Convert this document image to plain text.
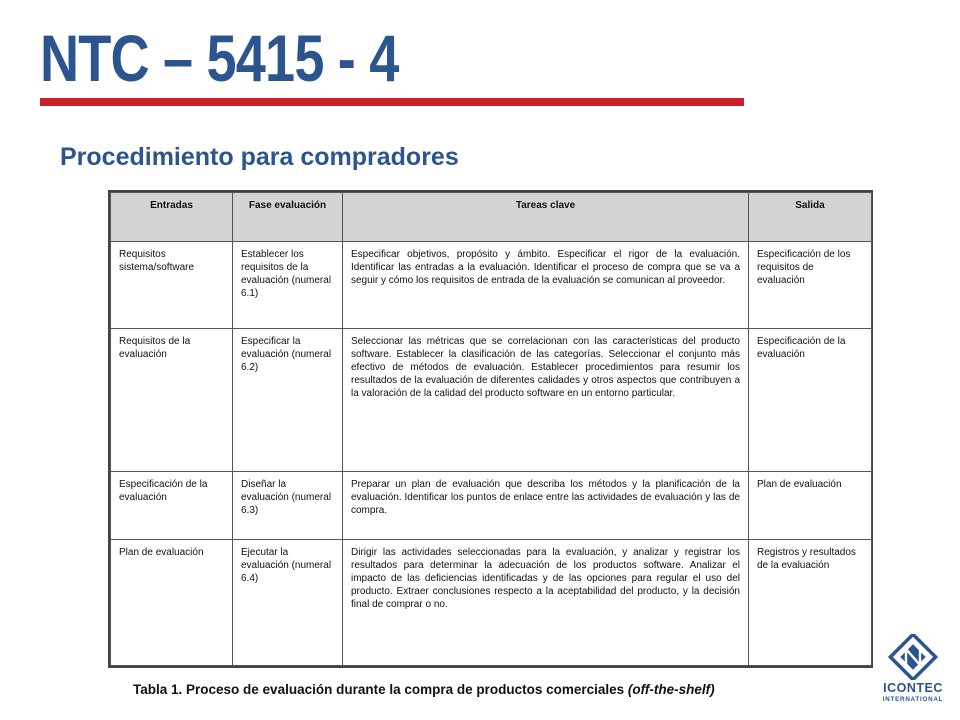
NTC – 5415 - 4
Procedimiento para compradores
Entradas	Fase evaluación	Tareas clave	Salida
Requisitos sistema/software	Establecer los requisitos de la evaluación (numeral 6.1)	Especificar objetivos, propósito y ámbito. Especificar el rigor de la evaluación. Identificar las entradas a la evaluación. Identificar el proceso de compra que se va a seguir y cómo los requisitos de entrada de la evaluación se comunican al proveedor.	Especificación de los requisitos de evaluación
Requisitos de la evaluación	Especificar la evaluación (numeral 6.2)	Seleccionar las métricas que se correlacionan con las características del producto software. Establecer la clasificación de las categorías. Seleccionar el conjunto más efectivo de métodos de evaluación. Establecer procedimientos para resumir los resultados de la evaluación de diferentes calidades y otros aspectos que contribuyen a la valoración de la calidad del producto software en un entorno particular.	Especificación de la evaluación
Especificación de la evaluación	Diseñar la evaluación (numeral 6.3)	Preparar un plan de evaluación que describa los métodos y la planificación de la evaluación. Identificar los puntos de enlace entre las actividades de evaluación y las de compra.	Plan de evaluación
Plan de evaluación	Ejecutar la evaluación (numeral 6.4)	Dirigir las actividades seleccionadas para la evaluación, y analizar y registrar los resultados para determinar la adecuación de los productos software. Analizar el impacto de las deficiencias identificadas y de las opciones para regular el uso del producto. Extraer conclusiones respecto a la aceptabilidad del producto, y la decisión final de comprar o no.	Registros y resultados de la evaluación
Tabla 1. Proceso de evaluación durante la compra de productos comerciales (off-the-shelf)	ICONTEC
INTERNATIONAL
